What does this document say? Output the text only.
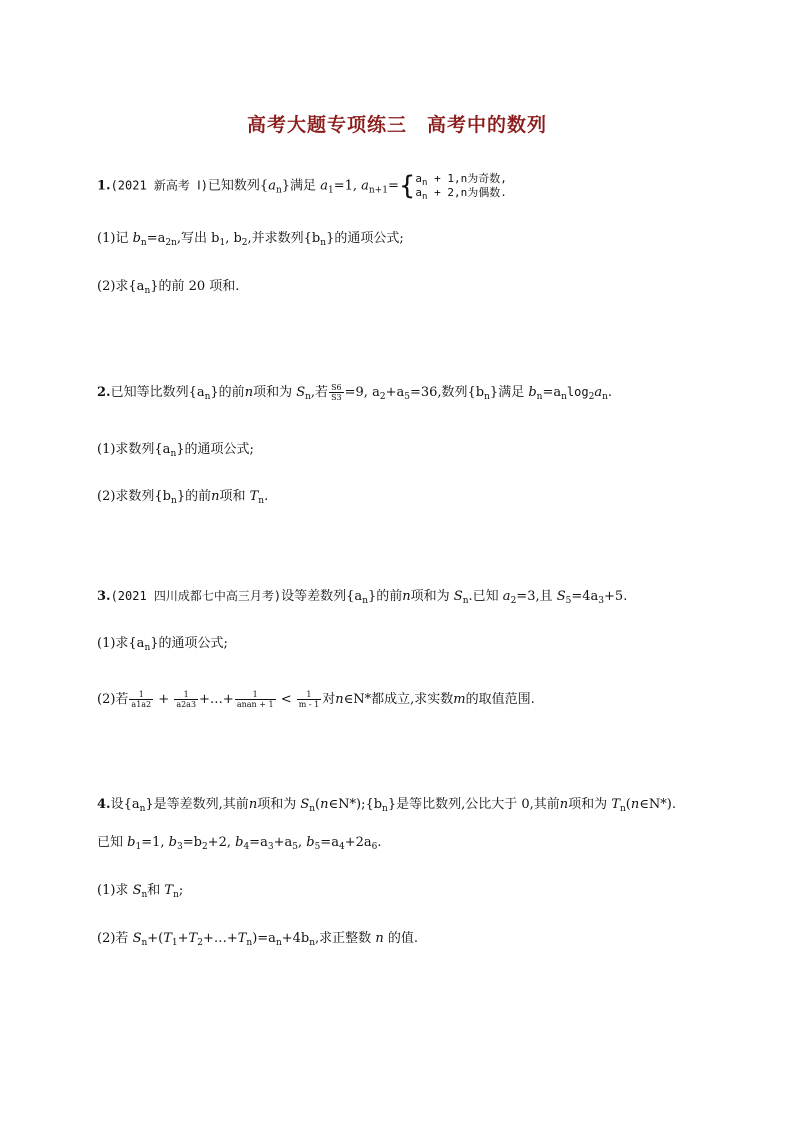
高考大题专项练三　高考中的数列
1.(2021 新高考 Ⅰ)已知数列$\{a_n\}$满足 $a_1=1$, $a_{n+1}=${ $a_n + 1,n$为奇数,
$a_n + 2,n$为偶数.
(1)记 $b_n=a_{2n}$,写出 $b_1$, $b_2$,并求数列$\{b_n\}$的通项公式;
(2)求$\{a_n\}$的前 20 项和.
2.已知等比数列$\{a_n\}$的前n项和为 $S_n$,若 $\frac{S6}{S3} =9$, $a_2+a_5=36$,数列$\{b_n\}$满足 $b_n=a_n\log_2a_n$.
(1)求数列$\{a_n\}$的通项公式;
(2)求数列$\{b_n\}$的前n项和 $T_n$.
3.(2021 四川成都七中高三月考)设等差数列$\{a_n\}$的前n项和为 $S_n$.已知 $a_2=3$,且 $S_5=4a_3+5$.
(1)求$\{a_n\}$的通项公式;
(2)若 $\frac{1}{a1a2} + \frac{1}{a2a3}$ +…+ $\frac{1}{\text{anan + 1}} < \frac{1}{m - 1}$ 对n∈N*都成立,求实数m的取值范围.
4.设$\{a_n\}$是等差数列,其前n项和为 $S_n(n\in N*);\{b_n\}$是等比数列,公比大于 0,其前n项和为 $T_n(n\in N*)$.
已知 $b_1=1$, $b_3=b_2+2$, $b_4=a_3+a_5$, $b_5=a_4+2a_6$.
(1)求 $S_n$和 $T_n$;
(2)若 $S_n+(T_1+T_2+\dots+T_n)=a_n+4b_n$,求正整数 n 的值.
